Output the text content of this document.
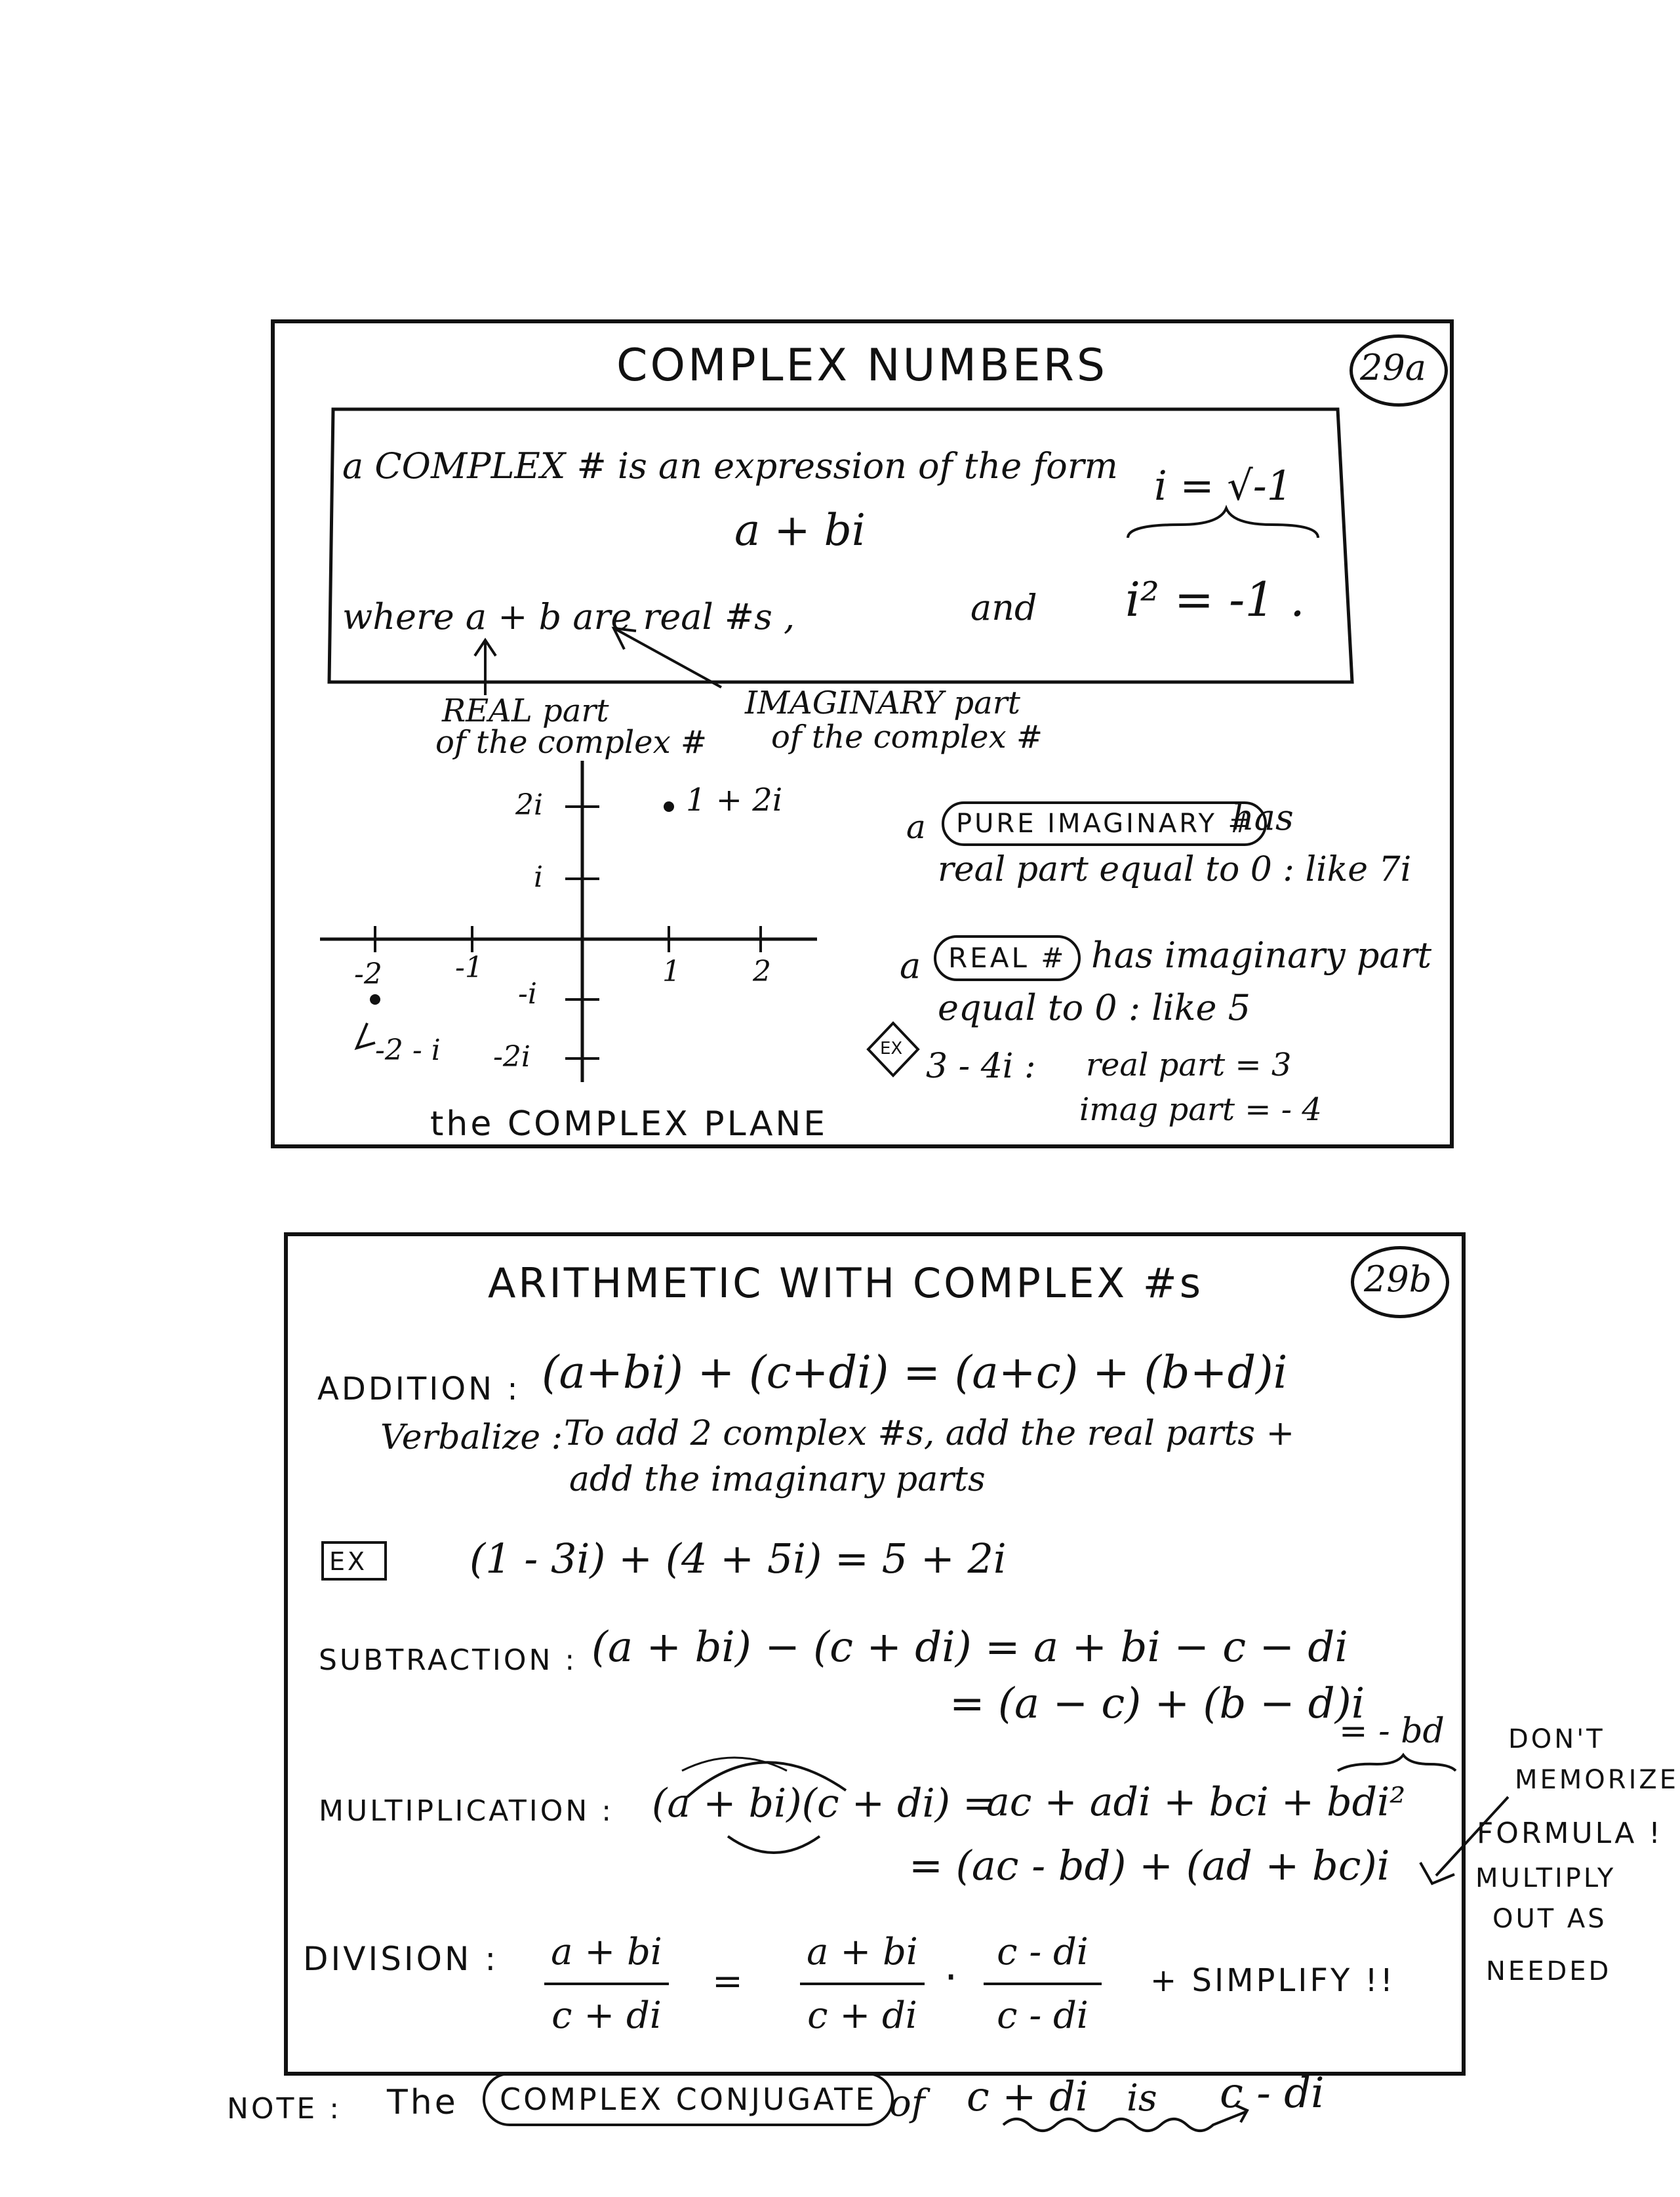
COMPLEX NUMBERS	29a
a COMPLEX # is an expression of the form
a + bi
i = √-1
where a + b are real #s ,	and i² = -1 .
REAL part
of the complex #
IMAGINARY part
of the complex #
2i
i
-i
-2i
-2	-1	1	2
1 + 2i
-2 - i
the COMPLEX PLANE
a	PURE IMAGINARY #
has
real part equal to 0 : like 7i
a REAL # has imaginary part
equal to 0 : like 5
EX 3 - 4i : real part = 3
imag part = - 4
ARITHMETIC WITH COMPLEX #s	29b
ADDITION : (a+bi) + (c+di) = (a+c) + (b+d)i
Verbalize : To add 2 complex #s, add the real parts +
add the imaginary parts
EX	(1 - 3i) + (4 + 5i) = 5 + 2i
SUBTRACTION : (a + bi) − (c + di) = a + bi − c − di
= (a − c) + (b − d)i
= - bd
MULTIPLICATION : (a + bi)(c + di) =
ac + adi + bci + bdi²
= (ac - bd) + (ad + bc)i
DIVISION : a + bi
c + di
=
a + bi
c + di
·
c - di
c - di
+ SIMPLIFY !!
DON'T
MEMORIZE
FORMULA !
MULTIPLY
OUT AS
NEEDED
NOTE : The	COMPLEX CONJUGATE of c + di is c - di
